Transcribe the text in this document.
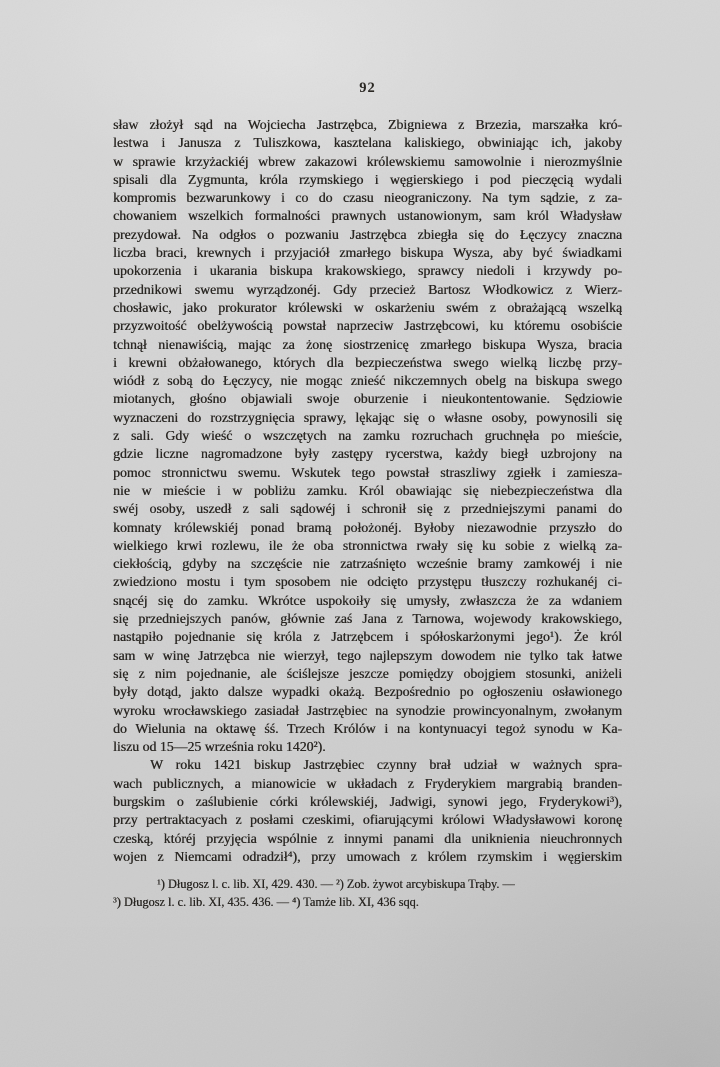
92
sław złożył sąd na Wojciecha Jastrzębca, Zbigniewa z Brzezia, marszałka kró-
lestwa i Janusza z Tuliszkowa, kasztelana kaliskiego, obwiniając ich, jakoby
w sprawie krzyżackiéj wbrew zakazowi królewskiemu samowolnie i nierozmyślnie
spisali dla Zygmunta, króla rzymskiego i węgierskiego i pod pieczęcią wydali
kompromis bezwarunkowy i co do czasu nieograniczony. Na tym sądzie, z za-
chowaniem wszelkich formalności prawnych ustanowionym, sam król Władysław
prezydował. Na odgłos o pozwaniu Jastrzębca zbiegła się do Łęczycy znaczna
liczba braci, krewnych i przyjaciół zmarłego biskupa Wysza, aby być świadkami
upokorzenia i ukarania biskupa krakowskiego, sprawcy niedoli i krzywdy po-
przednikowi swemu wyrządzonéj. Gdy przecież Bartosz Włodkowicz z Wierz-
chosławic, jako prokurator królewski w oskarżeniu swém z obrażającą wszelką
przyzwoitość obelżywością powstał naprzeciw Jastrzębcowi, ku któremu osobiście
tchnął nienawiścią, mając za żonę siostrzenicę zmarłego biskupa Wysza, bracia
i krewni obżałowanego, których dla bezpieczeństwa swego wielką liczbę przy-
wiódł z sobą do Łęczycy, nie mogąc znieść nikczemnych obelg na biskupa swego
miotanych, głośno objawiali swoje oburzenie i nieukontentowanie. Sędziowie
wyznaczeni do rozstrzygnięcia sprawy, lękając się o własne osoby, powynosili się
z sali. Gdy wieść o wszczętych na zamku rozruchach gruchnęła po mieście,
gdzie liczne nagromadzone były zastępy rycerstwa, każdy biegł uzbrojony na
pomoc stronnictwu swemu. Wskutek tego powstał straszliwy zgiełk i zamiesza-
nie w mieście i w pobliżu zamku. Król obawiając się niebezpieczeństwa dla
swéj osoby, uszedł z sali sądowéj i schronił się z przedniejszymi panami do
komnaty królewskiéj ponad bramą położonéj. Byłoby niezawodnie przyszło do
wielkiego krwi rozlewu, ile że oba stronnictwa rwały się ku sobie z wielką za-
ciekłością, gdyby na szczęście nie zatrzaśnięto wcześnie bramy zamkowéj i nie
zwiedziono mostu i tym sposobem nie odcięto przystępu tłuszczy rozhukanéj ci-
snącéj się do zamku. Wkrótce uspokoiły się umysły, zwłaszcza że za wdaniem
się przedniejszych panów, głównie zaś Jana z Tarnowa, wojewody krakowskiego,
nastąpiło pojednanie się króla z Jatrzębcem i spółoskarżonymi jego¹). Że król
sam w winę Jatrzębca nie wierzył, tego najlepszym dowodem nie tylko tak łatwe
się z nim pojednanie, ale ściślejsze jeszcze pomiędzy obojgiem stosunki, aniżeli
były dotąd, jakto dalsze wypadki okażą. Bezpośrednio po ogłoszeniu osławionego
wyroku wrocławskiego zasiadał Jastrzębiec na synodzie prowincyonalnym, zwołanym
do Wielunia na oktawę śś. Trzech Królów i na kontynuacyi tegoż synodu w Ka-
liszu od 15—25 września roku 1420²).
W roku 1421 biskup Jastrzębiec czynny brał udział w ważnych spra-
wach publicznych, a mianowicie w układach z Fryderykiem margrabią branden-
burgskim o zaślubienie córki królewskiéj, Jadwigi, synowi jego, Fryderykowi³),
przy pertraktacyach z posłami czeskimi, ofiarującymi królowi Władysławowi koronę
czeską, któréj przyjęcia wspólnie z innymi panami dla uniknienia nieuchronnych
wojen z Niemcami odradził⁴), przy umowach z królem rzymskim i węgierskim
¹) Długosz l. c. lib. XI, 429. 430. — ²) Zob. żywot arcybiskupa Trąby. —
³) Długosz l. c. lib. XI, 435. 436. — ⁴) Tamże lib. XI, 436 sqq.
